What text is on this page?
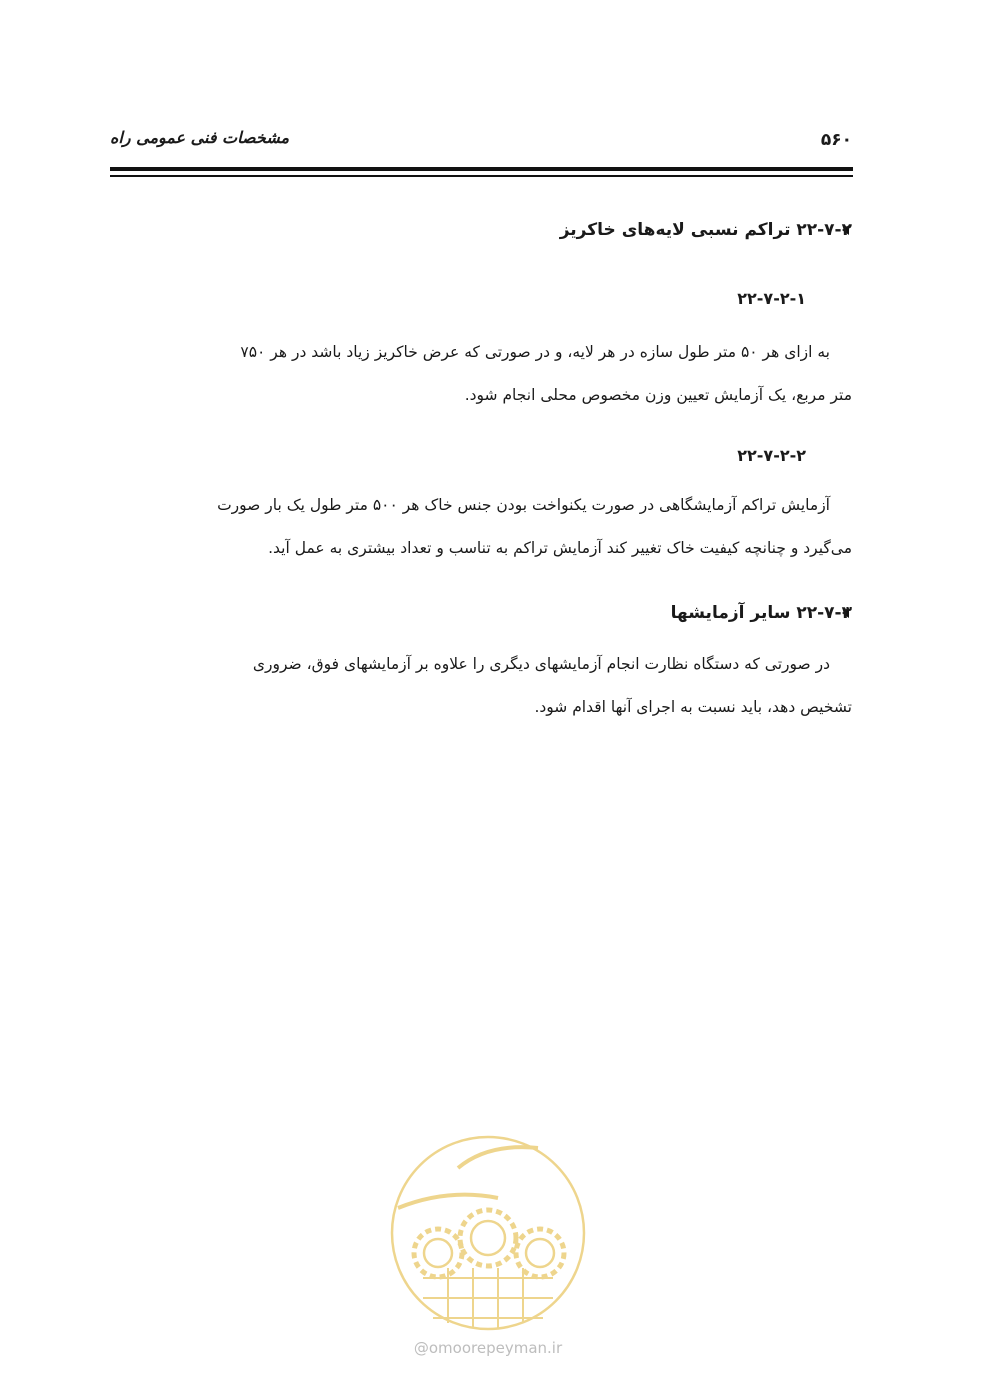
۵۶۰
مشخصات فنی عمومی راه
۲۲-۷-۲ تراکم نسبی لایه‌های خاکریز
۲۲-۷-۲-۱
به ازای هر ۵۰ متر طول سازه در هر لایه، و در صورتی که عرض خاکریز زیاد باشد در هر ۷۵۰
متر مربع، یک آزمایش تعیین وزن مخصوص محلی انجام شود.
۲۲-۷-۲-۲
آزمایش تراکم آزمایشگاهی در صورت یکنواخت بودن جنس خاک هر ۵۰۰ متر طول یک بار صورت
می‌گیرد و چنانچه کیفیت خاک تغییر کند آزمایش تراکم به تناسب و تعداد بیشتری به عمل آید.
۲۲-۷-۳ سایر آزمایشها
در صورتی که دستگاه نظارت انجام آزمایشهای دیگری را علاوه بر آزمایشهای فوق، ضروری
تشخیص دهد، باید نسبت به اجرای آنها اقدام شود.
@omoorepeyman.ir
